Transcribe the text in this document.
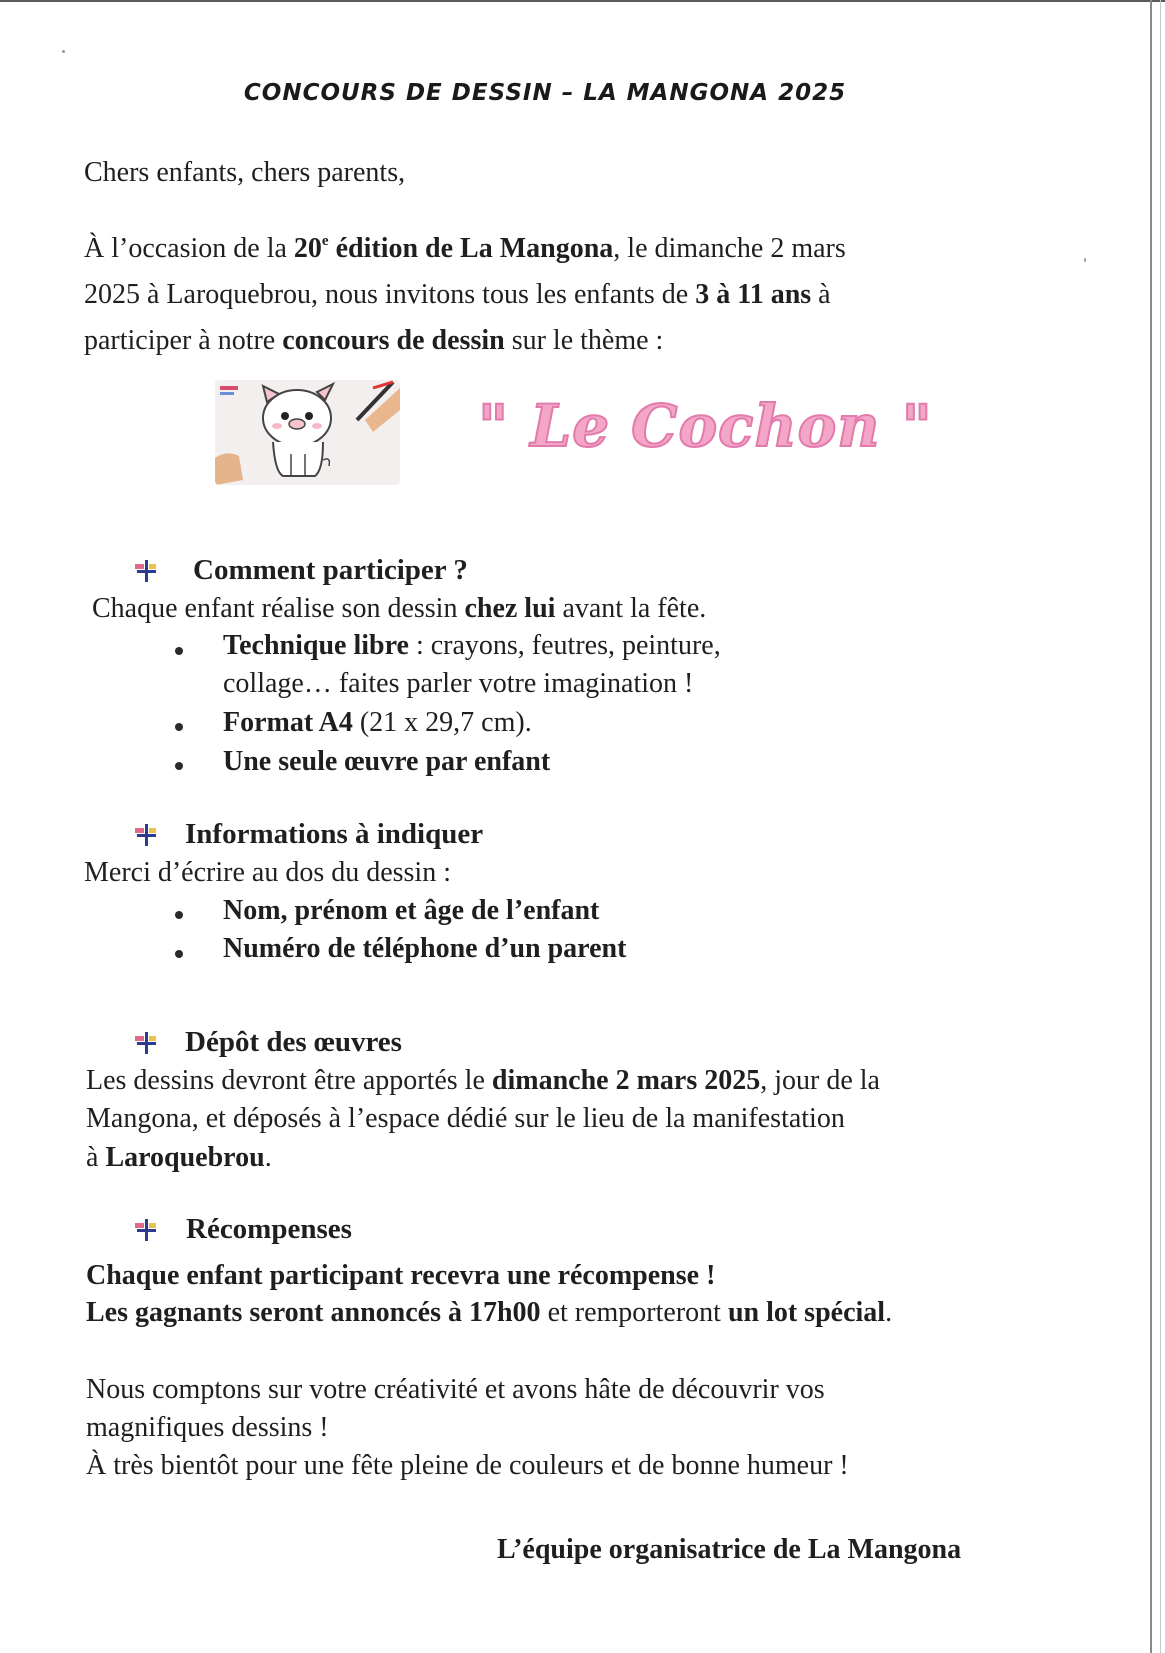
CONCOURS DE DESSIN – LA MANGONA 2025
Chers enfants, chers parents,
À l’occasion de la 20e édition de La Mangona, le dimanche 2 mars
2025 à Laroquebrou, nous invitons tous les enfants de 3 à 11 ans à
participer à notre concours de dessin sur le thème :
" Le Cochon "
Comment participer ?
Chaque enfant réalise son dessin chez lui avant la fête.
Technique libre : crayons, feutres, peinture,
collage… faites parler votre imagination !
Format A4 (21 x 29,7 cm).
Une seule œuvre par enfant
Informations à indiquer
Merci d’écrire au dos du dessin :
Nom, prénom et âge de l’enfant
Numéro de téléphone d’un parent
Dépôt des œuvres
Les dessins devront être apportés le dimanche 2 mars 2025, jour de la
Mangona, et déposés à l’espace dédié sur le lieu de la manifestation
à Laroquebrou.
Récompenses
Chaque enfant participant recevra une récompense !
Les gagnants seront annoncés à 17h00 et remporteront un lot spécial.
Nous comptons sur votre créativité et avons hâte de découvrir vos
magnifiques dessins !
À très bientôt pour une fête pleine de couleurs et de bonne humeur !
L’équipe organisatrice de La Mangona
